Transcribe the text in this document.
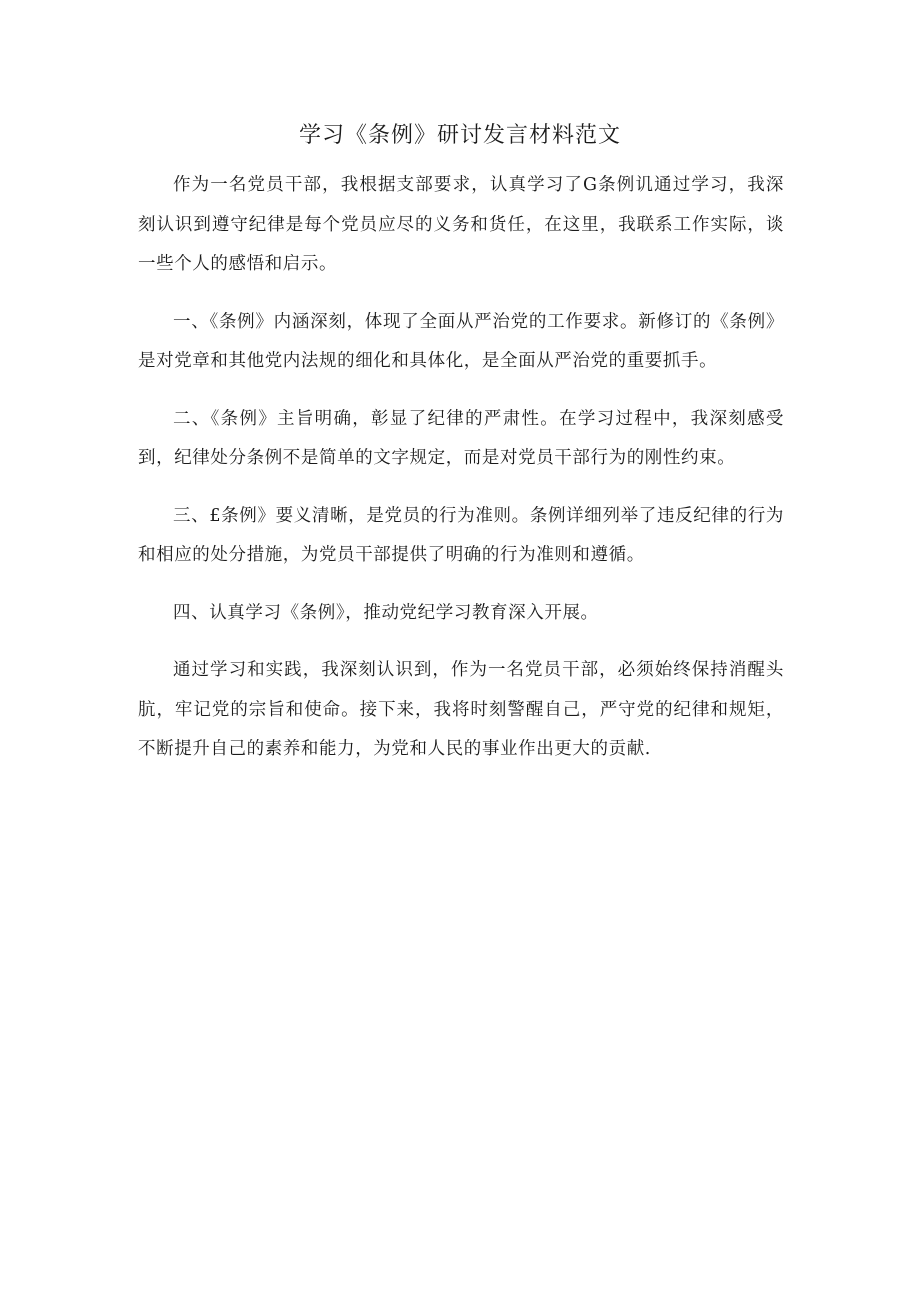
学习《条例》研讨发言材料范文

作为一名党员干部，我根据支部要求，认真学习了G条例讥通过学习，我深刻认识到遵守纪律是每个党员应尽的义务和货任，在这里，我联系工作实际，谈一些个人的感悟和启示。

一、《条例》内涵深刻，体现了全面从严治党的工作要求。新修订的《条例》是对党章和其他党内法规的细化和具体化，是全面从严治党的重要抓手。

二、《条例》主旨明确，彰显了纪律的严肃性。在学习过程中，我深刻感受到，纪律处分条例不是简单的文字规定，而是对党员干部行为的刚性约束。

三、£条例》要义清晰，是党员的行为准则。条例详细列举了违反纪律的行为和相应的处分措施，为党员干部提供了明确的行为准则和遵循。

四、认真学习《条例》，推动党纪学习教育深入开展。

通过学习和实践，我深刻认识到，作为一名党员干部，必须始终保持消醒头肮，牢记党的宗旨和使命。接下来，我将时刻警醒自己，严守党的纪律和规矩，不断提升自己的素养和能力，为党和人民的事业作出更大的贡献.
